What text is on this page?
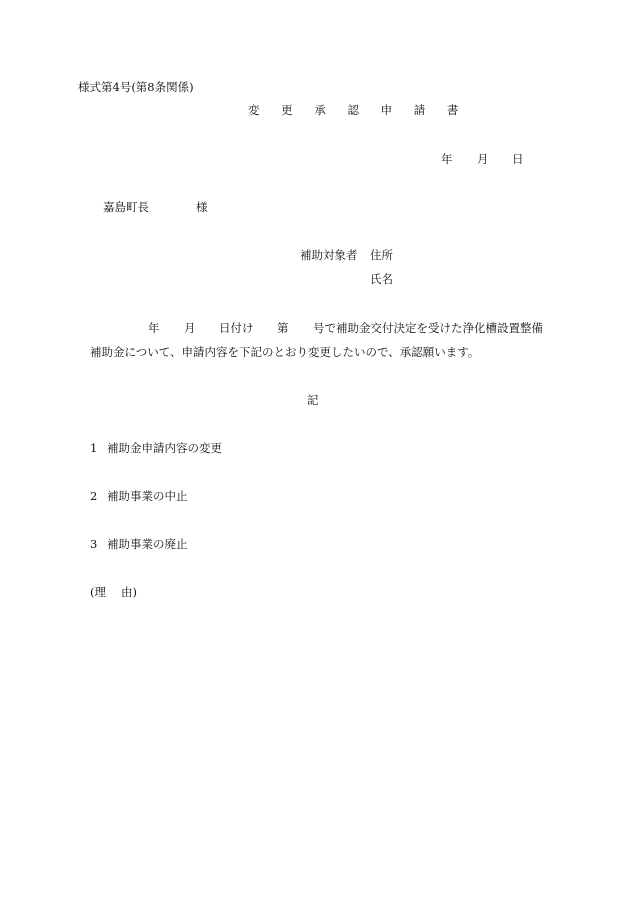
様式第4号(第8条関係)
変 更 承 認 申 請 書
年 月 日
嘉島町長	様
補助対象者 住所
氏名
年 月 日付け 第 号で補助金交付決定を受けた浄化槽設置整備
補助金について、申請内容を下記のとおり変更したいので、承認願います。
記
1 補助金申請内容の変更
2 補助事業の中止
3 補助事業の廃止
(理 由)
